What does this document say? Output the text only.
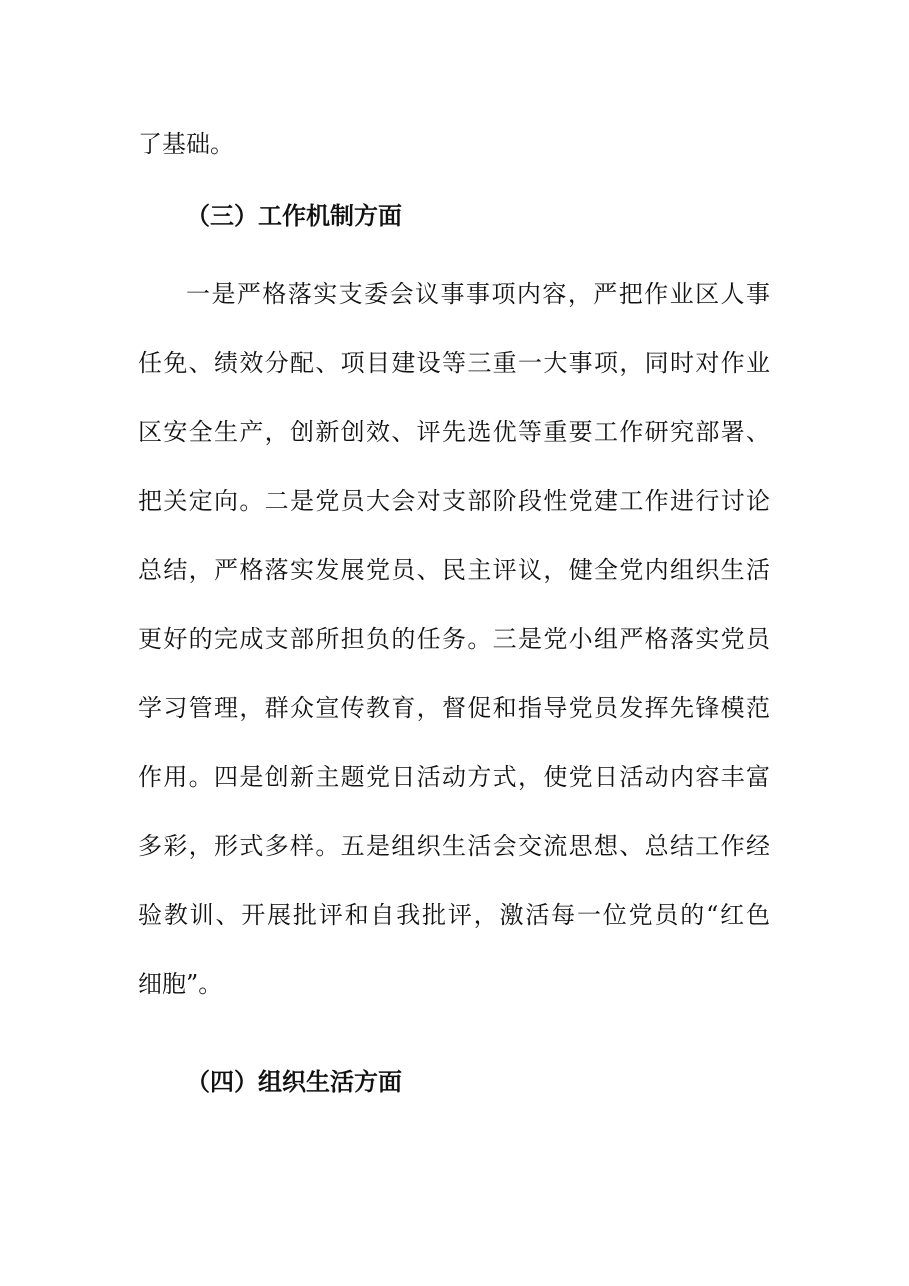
了基础。
（三）工作机制方面
一是严格落实支委会议事事项内容，严把作业区人事
任免、绩效分配、项目建设等三重一大事项，同时对作业
区安全生产，创新创效、评先选优等重要工作研究部署、
把关定向。二是党员大会对支部阶段性党建工作进行讨论
总结，严格落实发展党员、民主评议，健全党内组织生活
更好的完成支部所担负的任务。三是党小组严格落实党员
学习管理，群众宣传教育，督促和指导党员发挥先锋模范
作用。四是创新主题党日活动方式，使党日活动内容丰富
多彩，形式多样。五是组织生活会交流思想、总结工作经
验教训、开展批评和自我批评，激活每一位党员的“红色
细胞”。
（四）组织生活方面
